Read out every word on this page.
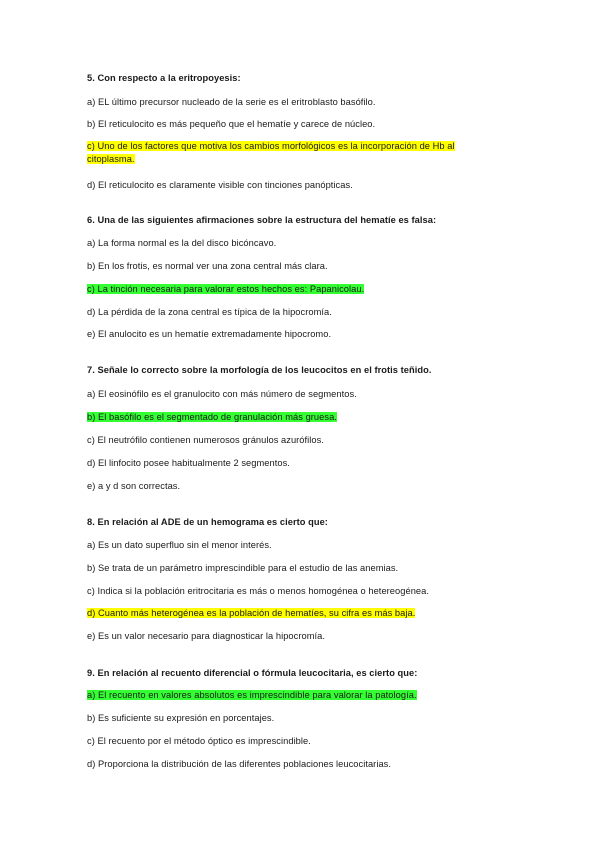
5. Con respecto a la eritropoyesis:
a) EL último precursor nucleado de la serie es el eritroblasto basófilo.
b) El reticulocito es más pequeño que el hematíe y carece de núcleo.
c) Uno de los factores que motiva los cambios morfológicos es la incorporación de Hb al citoplasma.
d) El reticulocito es claramente visible con tinciones panópticas.
6. Una de las siguientes afirmaciones sobre la estructura del hematíe es falsa:
a) La forma normal es la del disco bicóncavo.
b) En los frotis, es normal ver una zona central más clara.
c) La tinción necesaria para valorar estos hechos es: Papanicolau.
d) La pérdida de la zona central es típica de la hipocromía.
e) El anulocito es un hematíe extremadamente hipocromo.
7. Señale lo correcto sobre la morfología de los leucocitos en el frotis teñido.
a) El eosinófilo es el granulocito con más número de segmentos.
b) El basófilo es el segmentado de granulación más gruesa.
c) El neutrófilo contienen numerosos gránulos azurófilos.
d) El linfocito posee habitualmente 2 segmentos.
e) a y d son correctas.
8. En relación al ADE de un hemograma es cierto que:
a) Es un dato superfluo sin el menor interés.
b) Se trata de un parámetro imprescindible para el estudio de las anemias.
c) Indica si la población eritrocitaria es más o menos homogénea o hetereogénea.
d) Cuanto más heterogénea es la población de hematíes, su cifra es más baja.
e) Es un valor necesario para diagnosticar la hipocromía.
9. En relación al recuento diferencial o fórmula leucocitaria, es cierto que:
a) El recuento en valores absolutos es imprescindible para valorar la patología.
b) Es suficiente su expresión en porcentajes.
c) El recuento por el método óptico es imprescindible.
d) Proporciona la distribución de las diferentes poblaciones leucocitarias.
